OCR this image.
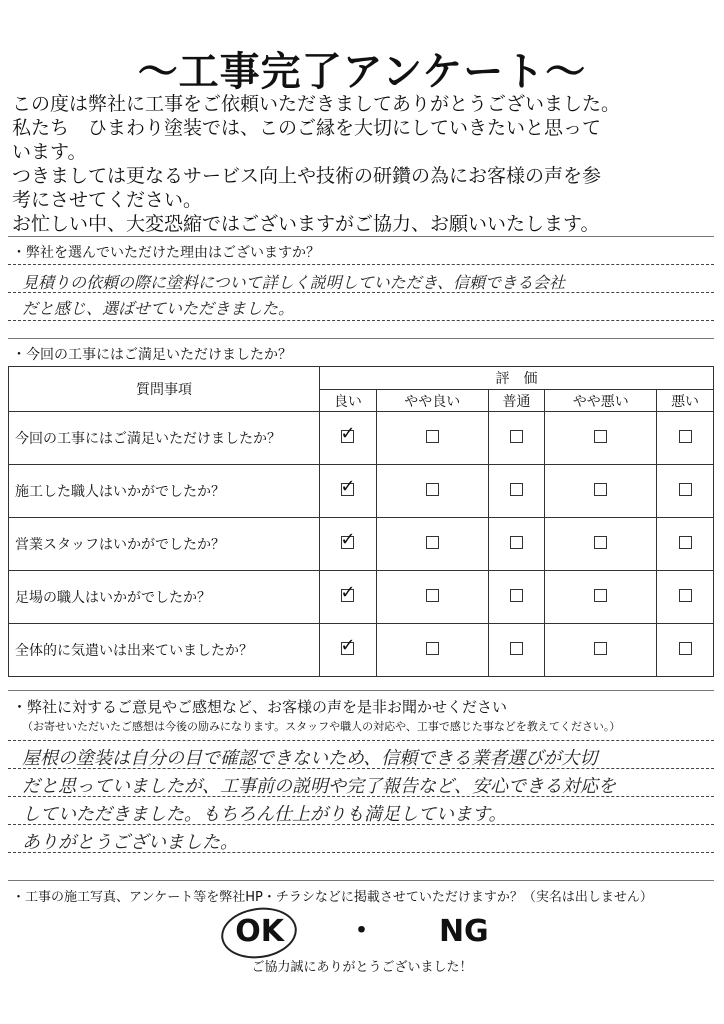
〜工事完了アンケート〜
この度は弊社に工事をご依頼いただきましてありがとうございました。
私たち　ひまわり塗装では、このご縁を大切にしていきたいと思って
います。
つきましては更なるサービス向上や技術の研鑽の為にお客様の声を参
考にさせてください。
お忙しい中、大変恐縮ではございますがご協力、お願いいたします。
・弊社を選んでいただけた理由はございますか？
見積りの依頼の際に塗料について詳しく説明していただき、信頼できる会社
だと感じ、選ばせていただきました。
・今回の工事にはご満足いただけましたか？
質問事項	評　価				
	良い	やや良い	普通	やや悪い	悪い
今回の工事にはご満足いただけましたか？	✓				

施工した職人はいかがでしたか？	✓				

営業スタッフはいかがでしたか？	✓				

足場の職人はいかがでしたか？	✓				

全体的に気遣いは出来ていましたか？	✓				

・弊社に対するご意見やご感想など、お客様の声を是非お聞かせください
（お寄せいただいたご感想は今後の励みになります。スタッフや職人の対応や、工事で感じた事などを教えてください。）
屋根の塗装は自分の目で確認できないため、信頼できる業者選びが大切
だと思っていましたが、工事前の説明や完了報告など、安心できる対応を
していただきました。もちろん仕上がりも満足しています。
ありがとうございました。
・工事の施工写真、アンケート等を弊社HP・チラシなどに掲載させていただけますか？（実名は出しません）
OK ・ NG
ご協力誠にありがとうございました！
